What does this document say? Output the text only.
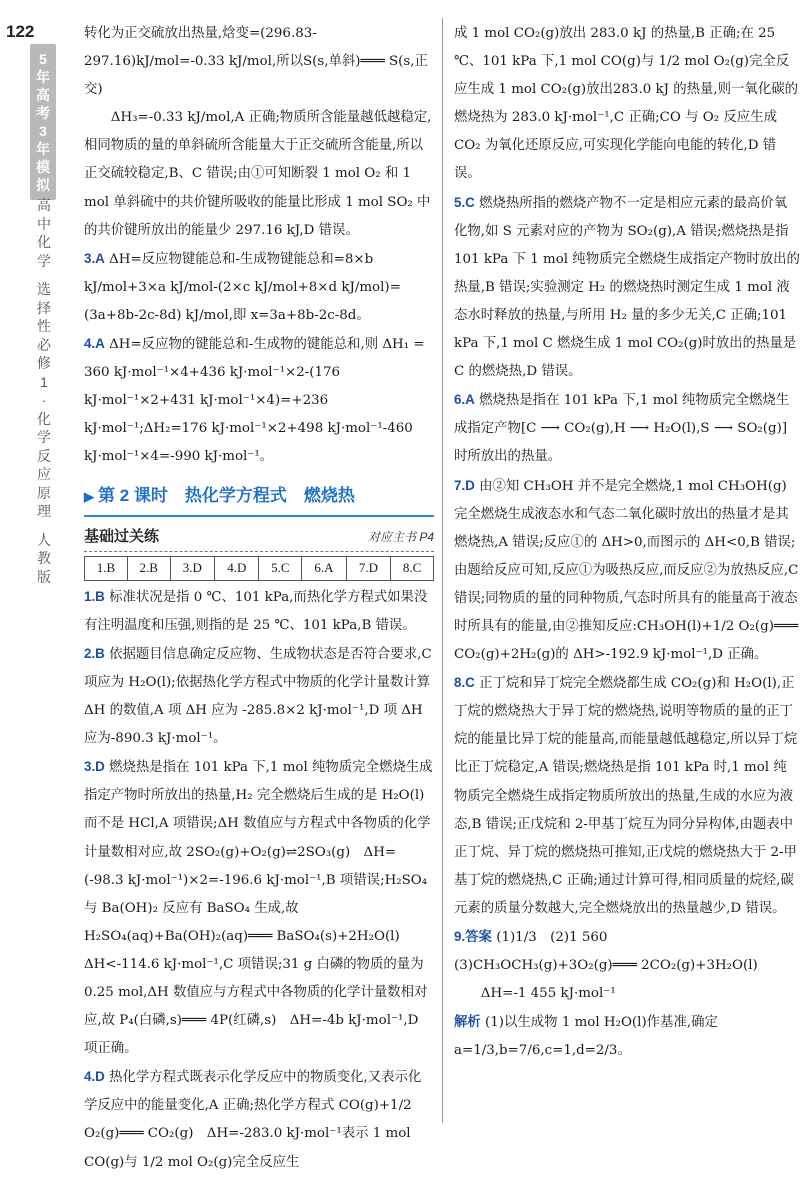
122
5
年
高
考
3
年
模
拟
高
中
化
学
选
择
性
必
修
1
·
化
学
反
应
原
理
人
教
版

转化为正交硫放出热量,焓变=(296.83-297.16)kJ/mol=-0.33 kJ/mol,所以S(s,单斜)═══ S(s,正交)

ΔH₃=-0.33 kJ/mol,A 正确;物质所含能量越低越稳定,相同物质的量的单斜硫所含能量大于正交硫所含能量,所以正交硫较稳定,B、C 错误;由①可知断裂 1 mol O₂ 和 1 mol 单斜硫中的共价键所吸收的能量比形成 1 mol SO₂ 中的共价键所放出的能量少 297.16 kJ,D 错误。

3.A ΔH=反应物键能总和-生成物键能总和=8×b kJ/mol+3×a kJ/mol-(2×c kJ/mol+8×d kJ/mol)=(3a+8b-2c-8d) kJ/mol,即 x=3a+8b-2c-8d。

4.A ΔH=反应物的键能总和-生成物的键能总和,则 ΔH₁ = 360 kJ·mol⁻¹×4+436 kJ·mol⁻¹×2-(176 kJ·mol⁻¹×2+431 kJ·mol⁻¹×4)=+236 kJ·mol⁻¹;ΔH₂=176 kJ·mol⁻¹×2+498 kJ·mol⁻¹-460 kJ·mol⁻¹×4=-990 kJ·mol⁻¹。

▶ 第 2 课时　热化学方程式　燃烧热
基础过关练	对应主书 P4
1.B	2.B	3.D	4.D	5.C	6.A	7.D	8.C

1.B 标准状况是指 0 ℃、101 kPa,而热化学方程式如果没有注明温度和压强,则指的是 25 ℃、101 kPa,B 错误。

2.B 依据题目信息确定反应物、生成物状态是否符合要求,C 项应为 H₂O(l);依据热化学方程式中物质的化学计量数计算 ΔH 的数值,A 项 ΔH 应为 -285.8×2 kJ·mol⁻¹,D 项 ΔH 应为-890.3 kJ·mol⁻¹。

3.D 燃烧热是指在 101 kPa 下,1 mol 纯物质完全燃烧生成指定产物时所放出的热量,H₂ 完全燃烧后生成的是 H₂O(l)而不是 HCl,A 项错误;ΔH 数值应与方程式中各物质的化学计量数相对应,故 2SO₂(g)+O₂(g)⇌2SO₃(g)　ΔH=(-98.3 kJ·mol⁻¹)×2=-196.6 kJ·mol⁻¹,B 项错误;H₂SO₄ 与 Ba(OH)₂ 反应有 BaSO₄ 生成,故 H₂SO₄(aq)+Ba(OH)₂(aq)═══ BaSO₄(s)+2H₂O(l)　ΔH<-114.6 kJ·mol⁻¹,C 项错误;31 g 白磷的物质的量为 0.25 mol,ΔH 数值应与方程式中各物质的化学计量数相对应,故 P₄(白磷,s)═══ 4P(红磷,s)　ΔH=-4b kJ·mol⁻¹,D 项正确。

4.D 热化学方程式既表示化学反应中的物质变化,又表示化学反应中的能量变化,A 正确;热化学方程式 CO(g)+1/2 O₂(g)═══ CO₂(g)　ΔH=-283.0 kJ·mol⁻¹表示 1 mol CO(g)与 1/2 mol O₂(g)完全反应生

成 1 mol CO₂(g)放出 283.0 kJ 的热量,B 正确;在 25 ℃、101 kPa 下,1 mol CO(g)与 1/2 mol O₂(g)完全反应生成 1 mol CO₂(g)放出283.0 kJ 的热量,则一氧化碳的燃烧热为 283.0 kJ·mol⁻¹,C 正确;CO 与 O₂ 反应生成CO₂ 为氧化还原反应,可实现化学能向电能的转化,D 错误。

5.C 燃烧热所指的燃烧产物不一定是相应元素的最高价氧化物,如 S 元素对应的产物为 SO₂(g),A 错误;燃烧热是指 101 kPa 下 1 mol 纯物质完全燃烧生成指定产物时放出的热量,B 错误;实验测定 H₂ 的燃烧热时测定生成 1 mol 液态水时释放的热量,与所用 H₂ 量的多少无关,C 正确;101 kPa 下,1 mol C 燃烧生成 1 mol CO₂(g)时放出的热量是 C 的燃烧热,D 错误。

6.A 燃烧热是指在 101 kPa 下,1 mol 纯物质完全燃烧生成指定产物[C ⟶ CO₂(g),H ⟶ H₂O(l),S ⟶ SO₂(g)]时所放出的热量。

7.D 由②知 CH₃OH 并不是完全燃烧,1 mol CH₃OH(g)完全燃烧生成液态水和气态二氧化碳时放出的热量才是其燃烧热,A 错误;反应①的 ΔH>0,而图示的 ΔH<0,B 错误;由题给反应可知,反应①为吸热反应,而反应②为放热反应,C 错误;同物质的量的同种物质,气态时所具有的能量高于液态时所具有的能量,由②推知反应:CH₃OH(l)+1/2 O₂(g)═══ CO₂(g)+2H₂(g)的 ΔH>-192.9 kJ·mol⁻¹,D 正确。

8.C 正丁烷和异丁烷完全燃烧都生成 CO₂(g)和 H₂O(l),正丁烷的燃烧热大于异丁烷的燃烧热,说明等物质的量的正丁烷的能量比异丁烷的能量高,而能量越低越稳定,所以异丁烷比正丁烷稳定,A 错误;燃烧热是指 101 kPa 时,1 mol 纯物质完全燃烧生成指定物质所放出的热量,生成的水应为液态,B 错误;正戊烷和 2-甲基丁烷互为同分异构体,由题表中正丁烷、异丁烷的燃烧热可推知,正戊烷的燃烧热大于 2-甲基丁烷的燃烧热,C 正确;通过计算可得,相同质量的烷烃,碳元素的质量分数越大,完全燃烧放出的热量越少,D 错误。

9.答案 (1)1/3　(2)1 560

(3)CH₃OCH₃(g)+3O₂(g)═══ 2CO₂(g)+3H₂O(l)

ΔH=-1 455 kJ·mol⁻¹

解析 (1)以生成物 1 mol H₂O(l)作基准,确定 a=1/3,b=7/6,c=1,d=2/3。
